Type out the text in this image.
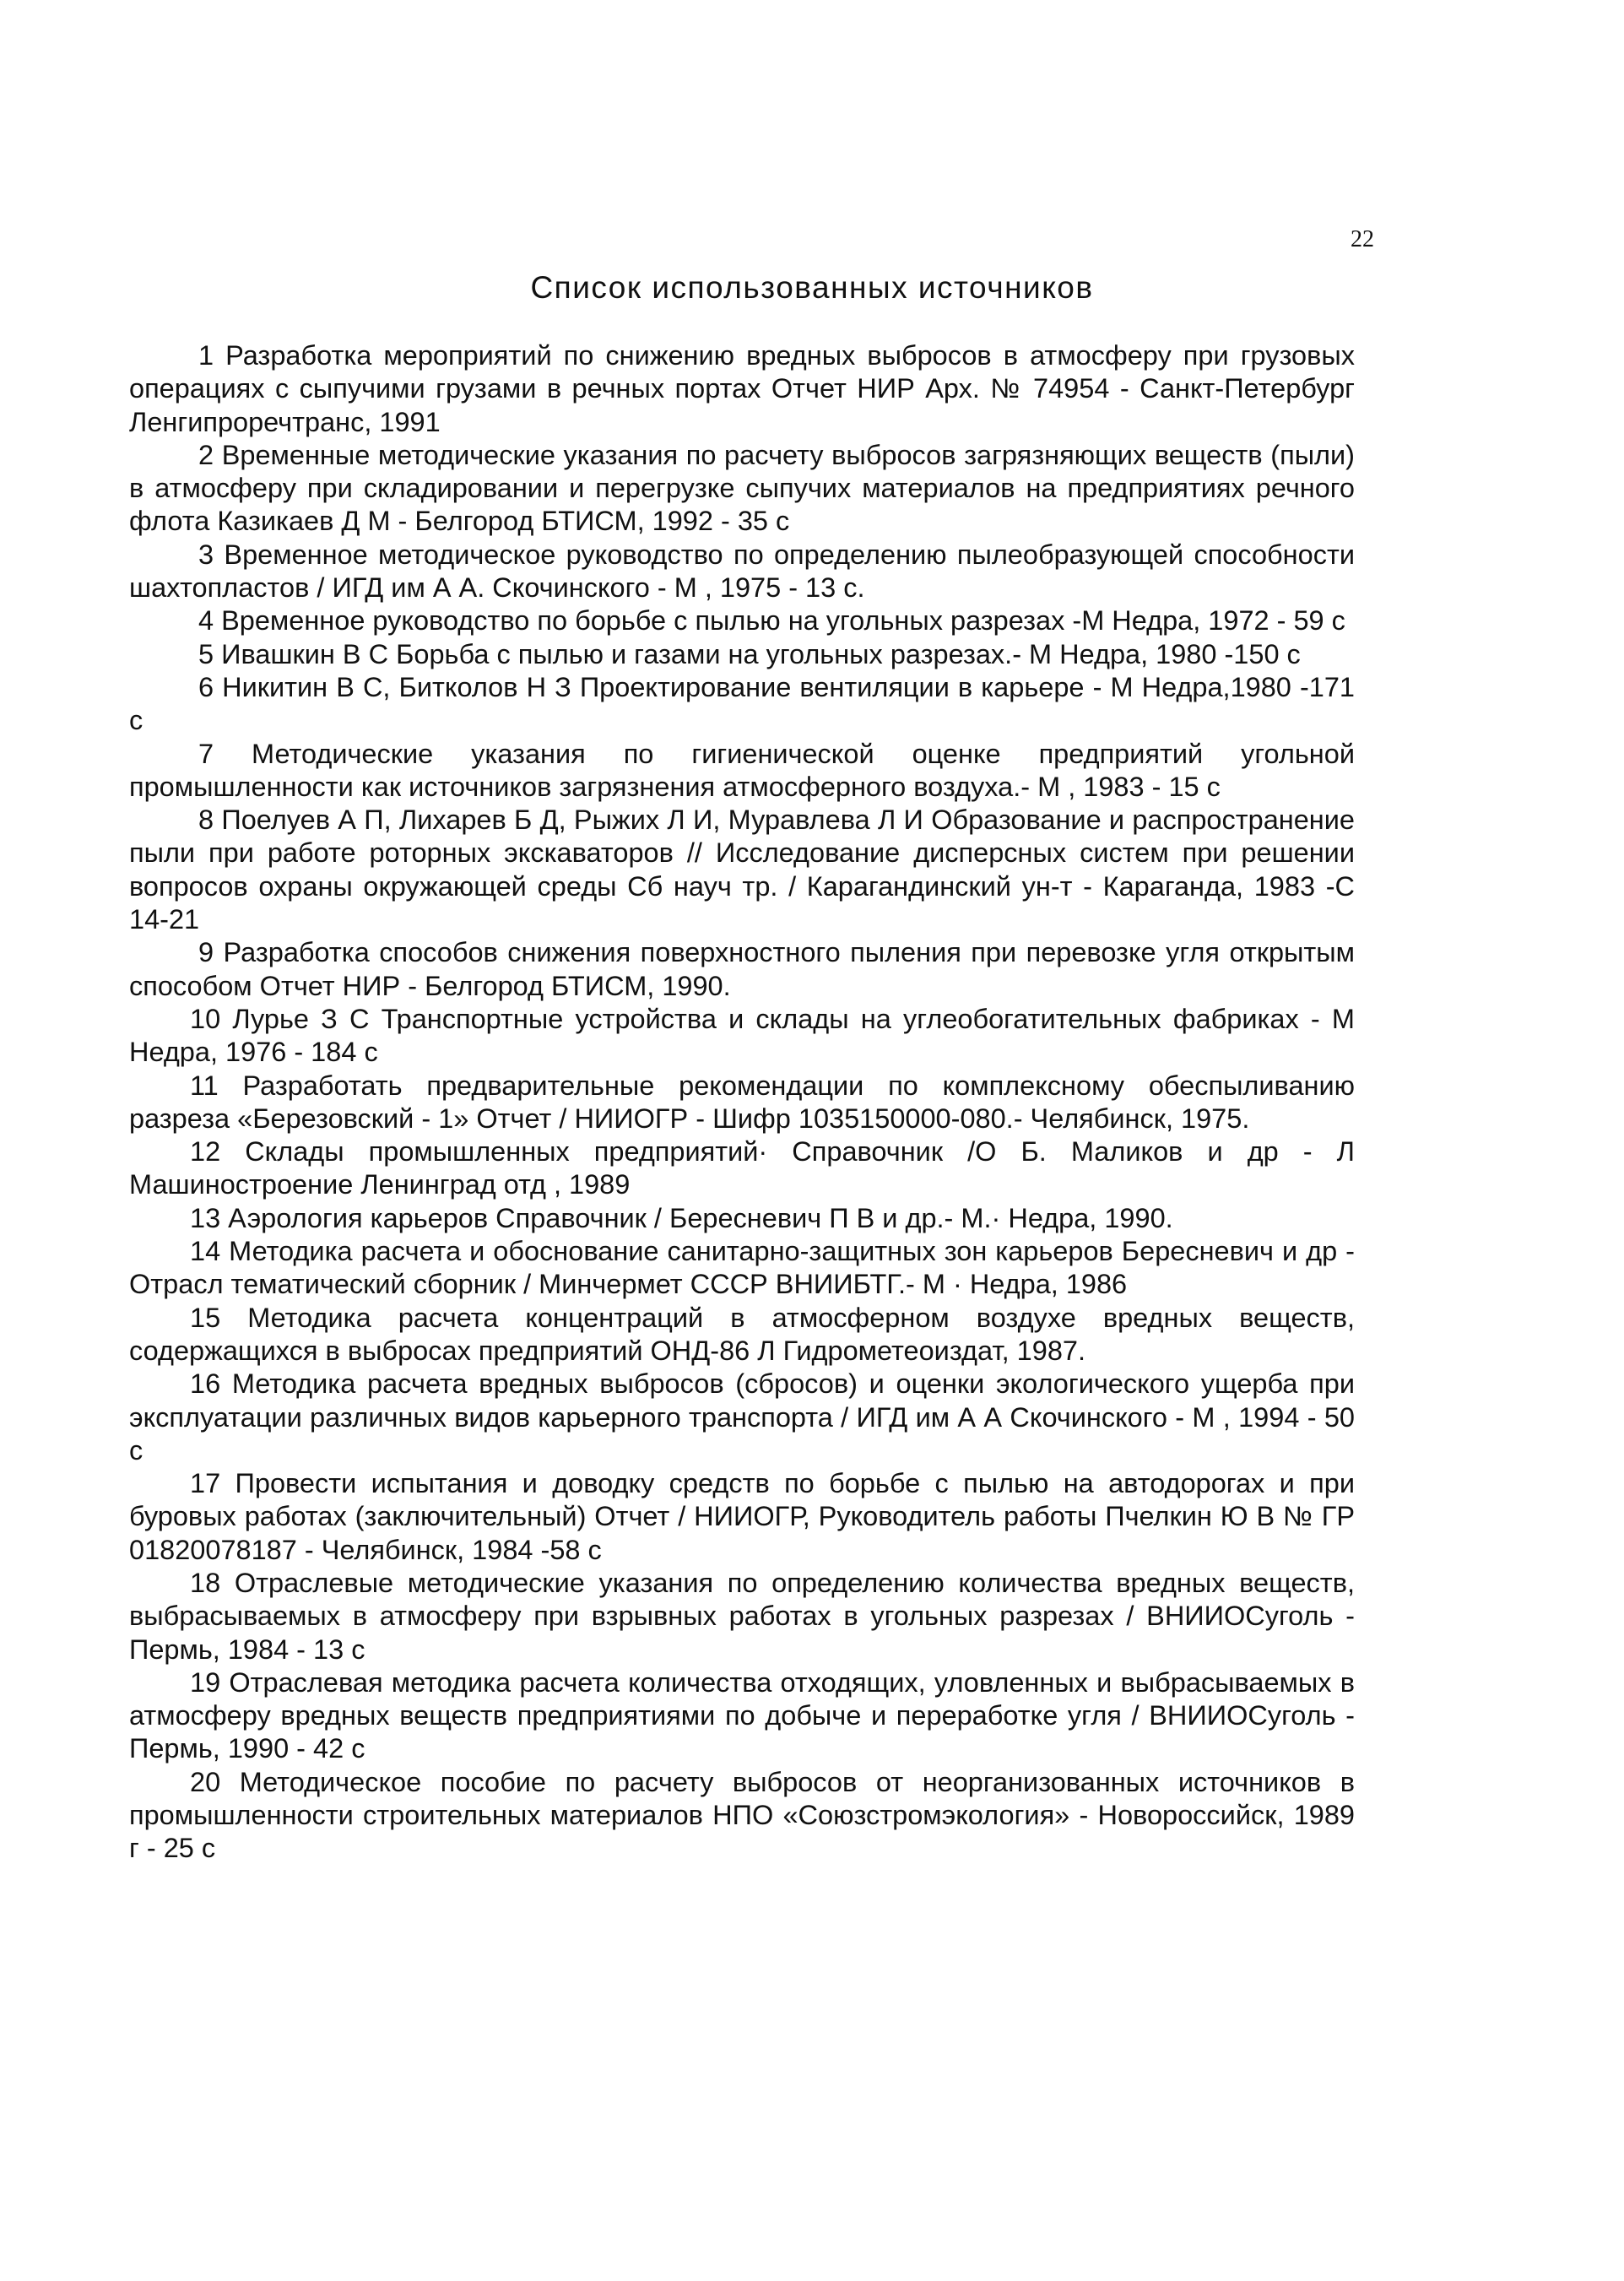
22
Список использованных источников

1 Разработка мероприятий по снижению вредных выбросов в атмосферу при грузовых операциях с сыпучими грузами в речных портах Отчет НИР Арх. № 74954 - Санкт-Петербург Ленгипроречтранс, 1991

2 Временные методические указания по расчету выбросов загрязняющих веществ (пыли) в атмосферу при складировании и перегрузке сыпучих материалов на предприятиях речного флота Казикаев Д М - Белгород БТИСМ, 1992 - 35 с

3 Временное методическое руководство по определению пылеобразующей способности шахтопластов / ИГД им А А. Скочинского - М , 1975 - 13 с.

4 Временное руководство по борьбе с пылью на угольных разрезах -М Недра, 1972 - 59 с

5 Ивашкин В С Борьба с пылью и газами на угольных разрезах.- М Недра, 1980 -150 с

6 Никитин В С, Битколов Н З Проектирование вентиляции в карьере - М Недра,1980 -171 с

7 Методические указания по гигиенической оценке предприятий угольной промышленности как источников загрязнения атмосферного воздуха.- М , 1983 - 15 с

8 Поелуев А П, Лихарев Б Д, Рыжих Л И, Муравлева Л И Образование и распространение пыли при работе роторных экскаваторов // Исследование дисперсных систем при решении вопросов охраны окружающей среды Сб науч тр. / Карагандинский ун-т - Караганда, 1983 -С 14-21

9 Разработка способов снижения поверхностного пыления при перевозке угля открытым способом Отчет НИР - Белгород БТИСМ, 1990.

10 Лурье З С Транспортные устройства и склады на углеобогатительных фабриках - М Недра, 1976 - 184 с

11 Разработать предварительные рекомендации по комплексному обеспыливанию разреза «Березовский - 1» Отчет / НИИОГР - Шифр 1035150000-080.- Челябинск, 1975.

12 Склады промышленных предприятий· Справочник /О Б. Маликов и др - Л Машиностроение Ленинград отд , 1989

13 Аэрология карьеров Справочник / Бересневич П В и др.- М.· Недра, 1990.

14 Методика расчета и обоснование санитарно-защитных зон карьеров Бересневич и др - Отрасл тематический сборник / Минчермет СССР ВНИИБТГ.- М · Недра, 1986

15 Методика расчета концентраций в атмосферном воздухе вредных веществ, содержащихся в выбросах предприятий ОНД-86 Л Гидрометеоиздат, 1987.

16 Методика расчета вредных выбросов (сбросов) и оценки экологического ущерба при эксплуатации различных видов карьерного транспорта / ИГД им А А Скочинского - М , 1994 - 50 с

17 Провести испытания и доводку средств по борьбе с пылью на автодорогах и при буровых работах (заключительный) Отчет / НИИОГР, Руководитель работы Пчелкин Ю В № ГР 01820078187 - Челябинск, 1984 -58 с

18 Отраслевые методические указания по определению количества вредных веществ, выбрасываемых в атмосферу при взрывных работах в угольных разрезах / ВНИИОСуголь - Пермь, 1984 - 13 с

19 Отраслевая методика расчета количества отходящих, уловленных и выбрасываемых в атмосферу вредных веществ предприятиями по добыче и переработке угля / ВНИИОСуголь - Пермь, 1990 - 42 с

20 Методическое пособие по расчету выбросов от неорганизованных источников в промышленности строительных материалов НПО «Союзстромэкология» - Новороссийск, 1989 г - 25 с
